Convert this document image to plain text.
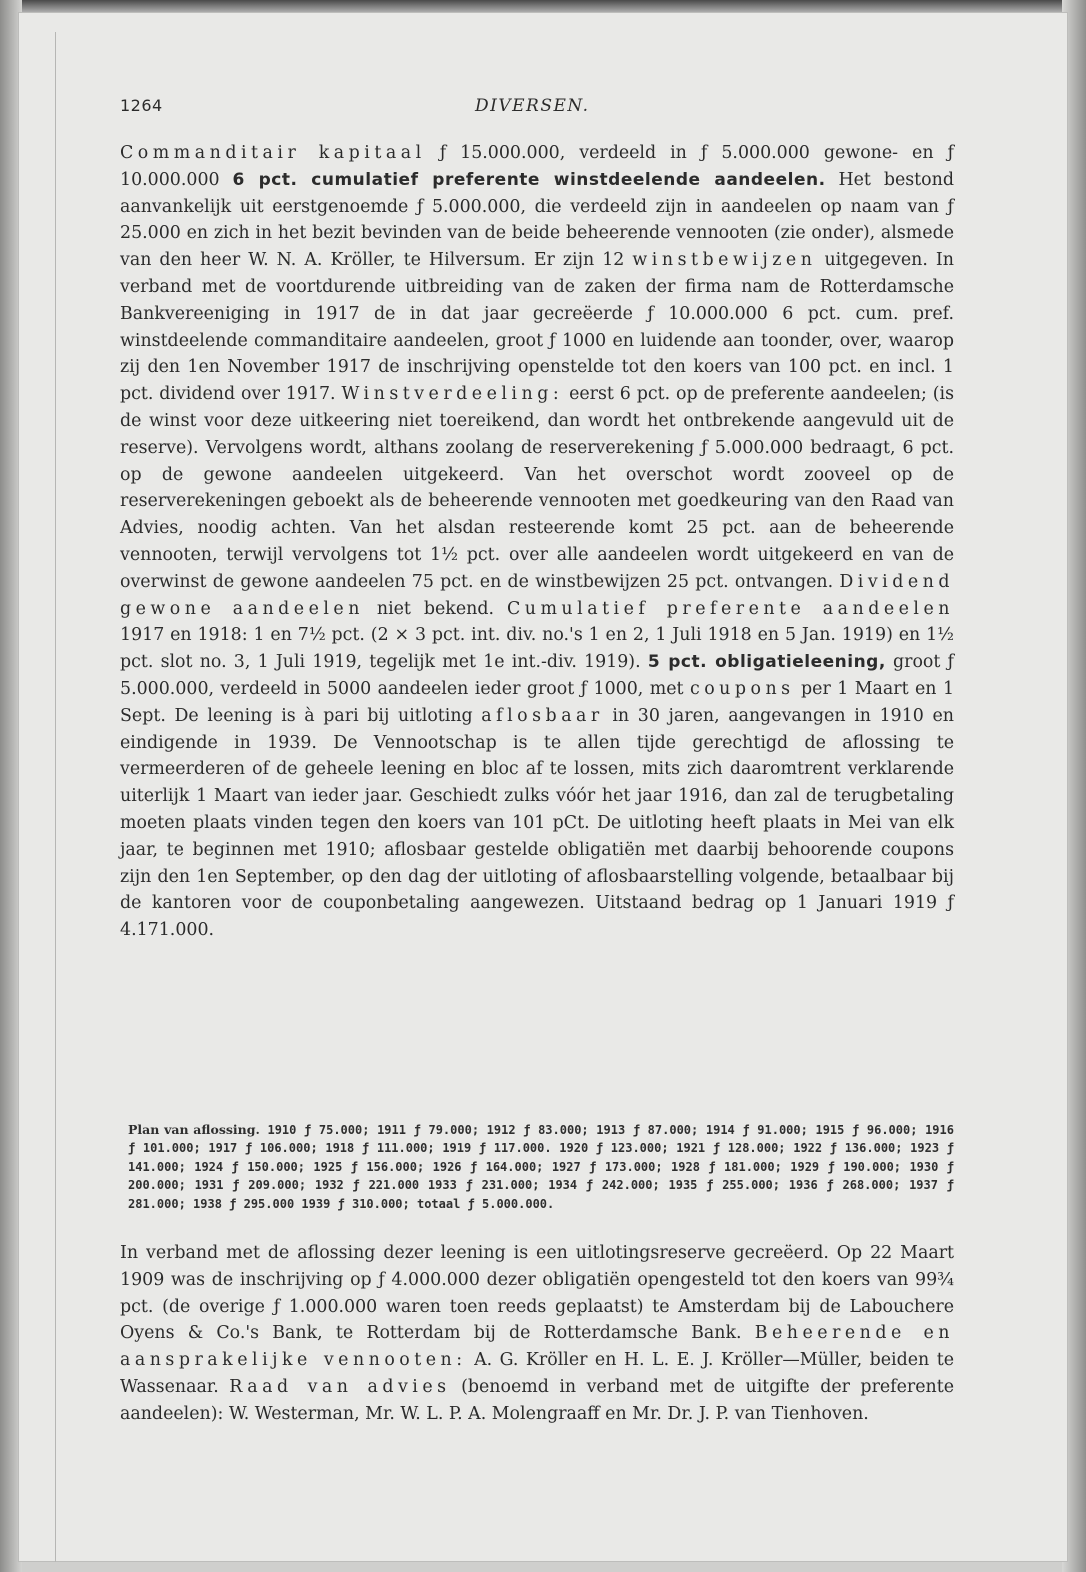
1264	DIVERSEN.
Commanditair kapitaal ƒ 15.000.000, verdeeld in ƒ 5.000.000 gewone- en ƒ 10.000.000 6 pct. cumulatief preferente winstdeelende aandeelen. Het bestond aanvankelijk uit eerstgenoemde ƒ 5.000.000, die verdeeld zijn in aandeelen op naam van ƒ 25.000 en zich in het bezit bevinden van de beide beheerende vennooten (zie onder), alsmede van den heer W. N. A. Kröller, te Hilversum. Er zijn 12 winstbewijzen uitgegeven. In verband met de voortdurende uitbreiding van de zaken der firma nam de Rotterdamsche Bankvereeniging in 1917 de in dat jaar gecreëerde ƒ 10.000.000 6 pct. cum. pref. winstdeelende commanditaire aandeelen, groot ƒ 1000 en luidende aan toonder, over, waarop zij den 1en November 1917 de inschrijving openstelde tot den koers van 100 pct. en incl. 1 pct. dividend over 1917. Winstverdeeling: eerst 6 pct. op de preferente aandeelen; (is de winst voor deze uitkeering niet toereikend, dan wordt het ontbrekende aangevuld uit de reserve). Vervolgens wordt, althans zoolang de reserverekening ƒ 5.000.000 bedraagt, 6 pct. op de gewone aandeelen uitgekeerd. Van het overschot wordt zooveel op de reserverekeningen geboekt als de beheerende vennooten met goedkeuring van den Raad van Advies, noodig achten. Van het alsdan resteerende komt 25 pct. aan de beheerende vennooten, terwijl vervolgens tot 1½ pct. over alle aandeelen wordt uitgekeerd en van de overwinst de gewone aandeelen 75 pct. en de winstbewijzen 25 pct. ontvangen. Dividend gewone aandeelen niet bekend. Cumulatief preferente aandeelen 1917 en 1918: 1 en 7½ pct. (2 × 3 pct. int. div. no.'s 1 en 2, 1 Juli 1918 en 5 Jan. 1919) en 1½ pct. slot no. 3, 1 Juli 1919, tegelijk met 1e int.-div. 1919). 5 pct. obligatieleening, groot ƒ 5.000.000, verdeeld in 5000 aandeelen ieder groot ƒ 1000, met coupons per 1 Maart en 1 Sept. De leening is à pari bij uitloting aflosbaar in 30 jaren, aangevangen in 1910 en eindigende in 1939. De Vennootschap is te allen tijde gerechtigd de aflossing te vermeerderen of de geheele leening en bloc af te lossen, mits zich daaromtrent verklarende uiterlijk 1 Maart van ieder jaar. Geschiedt zulks vóór het jaar 1916, dan zal de terugbetaling moeten plaats vinden tegen den koers van 101 pCt. De uitloting heeft plaats in Mei van elk jaar, te beginnen met 1910; aflosbaar gestelde obligatiën met daarbij behoorende coupons zijn den 1en September, op den dag der uitloting of aflosbaarstelling volgende, betaalbaar bij de kantoren voor de couponbetaling aangewezen. Uitstaand bedrag op 1 Januari 1919 ƒ 4.171.000.
Plan van aflossing. 1910 ƒ 75.000; 1911 ƒ 79.000; 1912 ƒ 83.000; 1913 ƒ 87.000; 1914 ƒ 91.000; 1915 ƒ 96.000; 1916 ƒ 101.000; 1917 ƒ 106.000; 1918 ƒ 111.000; 1919 ƒ 117.000. 1920 ƒ 123.000; 1921 ƒ 128.000; 1922 ƒ 136.000; 1923 ƒ 141.000; 1924 ƒ 150.000; 1925 ƒ 156.000; 1926 ƒ 164.000; 1927 ƒ 173.000; 1928 ƒ 181.000; 1929 ƒ 190.000; 1930 ƒ 200.000; 1931 ƒ 209.000; 1932 ƒ 221.000 1933 ƒ 231.000; 1934 ƒ 242.000; 1935 ƒ 255.000; 1936 ƒ 268.000; 1937 ƒ 281.000; 1938 ƒ 295.000 1939 ƒ 310.000; totaal ƒ 5.000.000.
In verband met de aflossing dezer leening is een uitlotingsreserve gecreëerd. Op 22 Maart 1909 was de inschrijving op ƒ 4.000.000 dezer obligatiën opengesteld tot den koers van 99¾ pct. (de overige ƒ 1.000.000 waren toen reeds geplaatst) te Amsterdam bij de Labouchere Oyens & Co.'s Bank, te Rotterdam bij de Rotterdamsche Bank. Beheerende en aansprakelijke vennooten: A. G. Kröller en H. L. E. J. Kröller—Müller, beiden te Wassenaar. Raad van advies (benoemd in verband met de uitgifte der preferente aandeelen): W. Westerman, Mr. W. L. P. A. Molengraaff en Mr. Dr. J. P. van Tienhoven.
